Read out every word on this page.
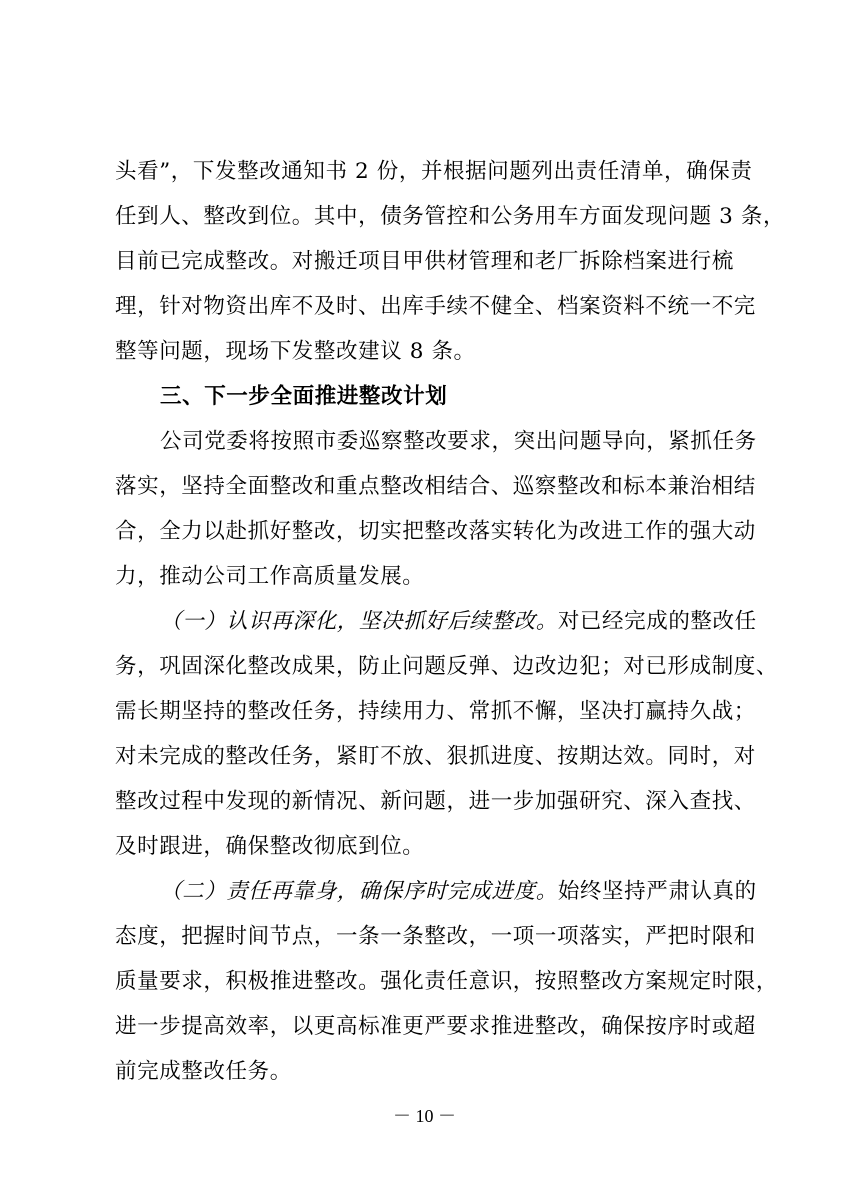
头看”，下发整改通知书 2 份，并根据问题列出责任清单，确保责
任到人、整改到位。其中，债务管控和公务用车方面发现问题 3 条，
目前已完成整改。对搬迁项目甲供材管理和老厂拆除档案进行梳
理，针对物资出库不及时、出库手续不健全、档案资料不统一不完
整等问题，现场下发整改建议 8 条。
三、下一步全面推进整改计划
公司党委将按照市委巡察整改要求，突出问题导向，紧抓任务
落实，坚持全面整改和重点整改相结合、巡察整改和标本兼治相结
合，全力以赴抓好整改，切实把整改落实转化为改进工作的强大动
力，推动公司工作高质量发展。
（一）认识再深化，坚决抓好后续整改。对已经完成的整改任
务，巩固深化整改成果，防止问题反弹、边改边犯；对已形成制度、
需长期坚持的整改任务，持续用力、常抓不懈，坚决打赢持久战；
对未完成的整改任务，紧盯不放、狠抓进度、按期达效。同时，对
整改过程中发现的新情况、新问题，进一步加强研究、深入查找、
及时跟进，确保整改彻底到位。
（二）责任再靠身，确保序时完成进度。始终坚持严肃认真的
态度，把握时间节点，一条一条整改，一项一项落实，严把时限和
质量要求，积极推进整改。强化责任意识，按照整改方案规定时限，
进一步提高效率，以更高标准更严要求推进整改，确保按序时或超
前完成整改任务。
－ 10 －
